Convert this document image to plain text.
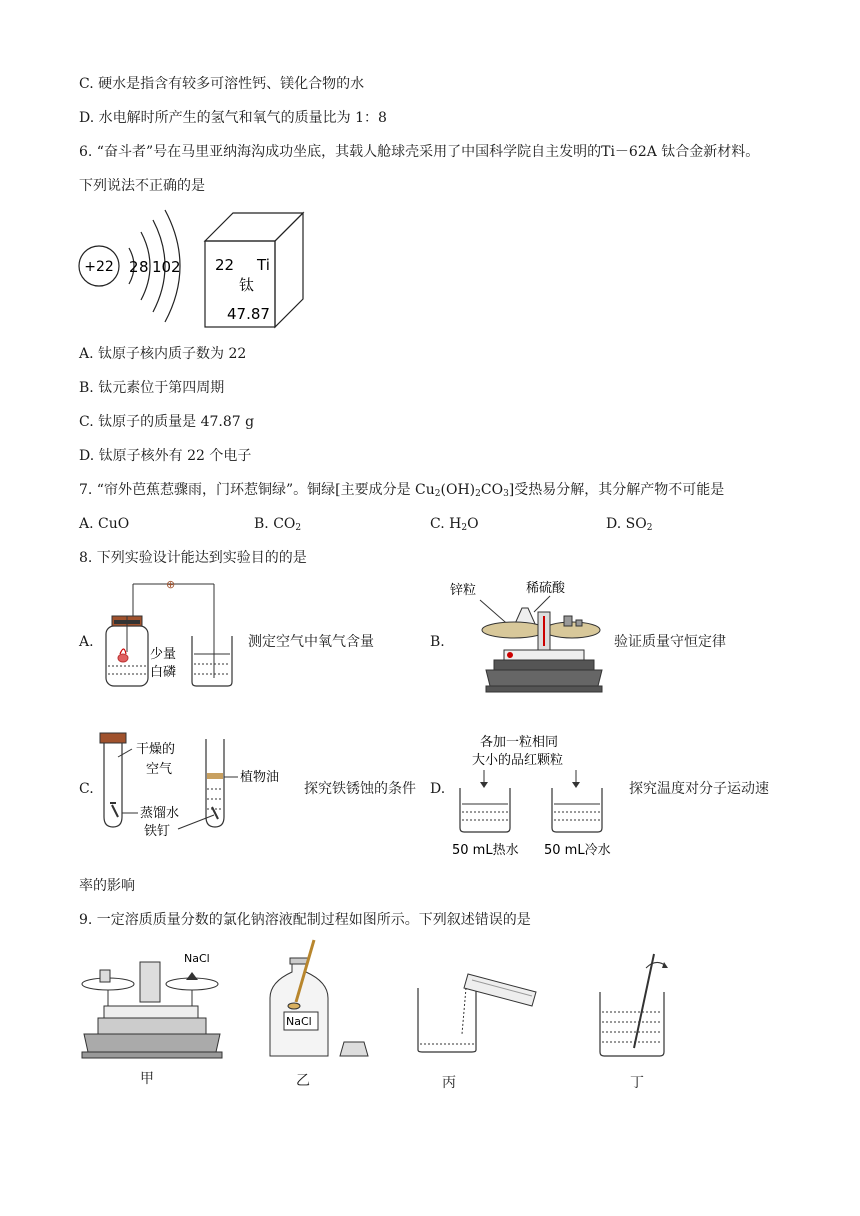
C. 硬水是指含有较多可溶性钙、镁化合物的水
D. 水电解时所产生的氢气和氧气的质量比为 1：8
6. “奋斗者”号在马里亚纳海沟成功坐底，其载人舱球壳采用了中国科学院自主发明的Ti－62A 钛合金新材料。
下列说法不正确的是
+22 2 8 10 2 22 Ti
钛
47.87
A. 钛原子核内质子数为 22
B. 钛元素位于第四周期
C. 钛原子的质量是 47.87 g
D. 钛原子核外有 22 个电子
7. “帘外芭蕉惹骤雨，门环惹铜绿”。铜绿[主要成分是 $Cu_2(OH)_2CO_3$]受热易分解，其分解产物不可能是
A. CuO	B. $CO_2$	C. $H_2O$	D. $SO_2$
8. 下列实验设计能达到实验目的的是
A.
⊕
少量
白磷
测定空气中氧气含量	B.
锌粒	稀硫酸
验证质量守恒定律
C.
干燥的
空气
植物油
蒸馏水
铁钉
探究铁锈蚀的条件 D.
各加一粒相同
大小的品红颗粒
50 mL热水 50 mL冷水
探究温度对分子运动速
率的影响
9. 一定溶质质量分数的氯化钠溶液配制过程如图所示。下列叙述错误的是
NaCl
NaCl
甲	乙	丙	丁
